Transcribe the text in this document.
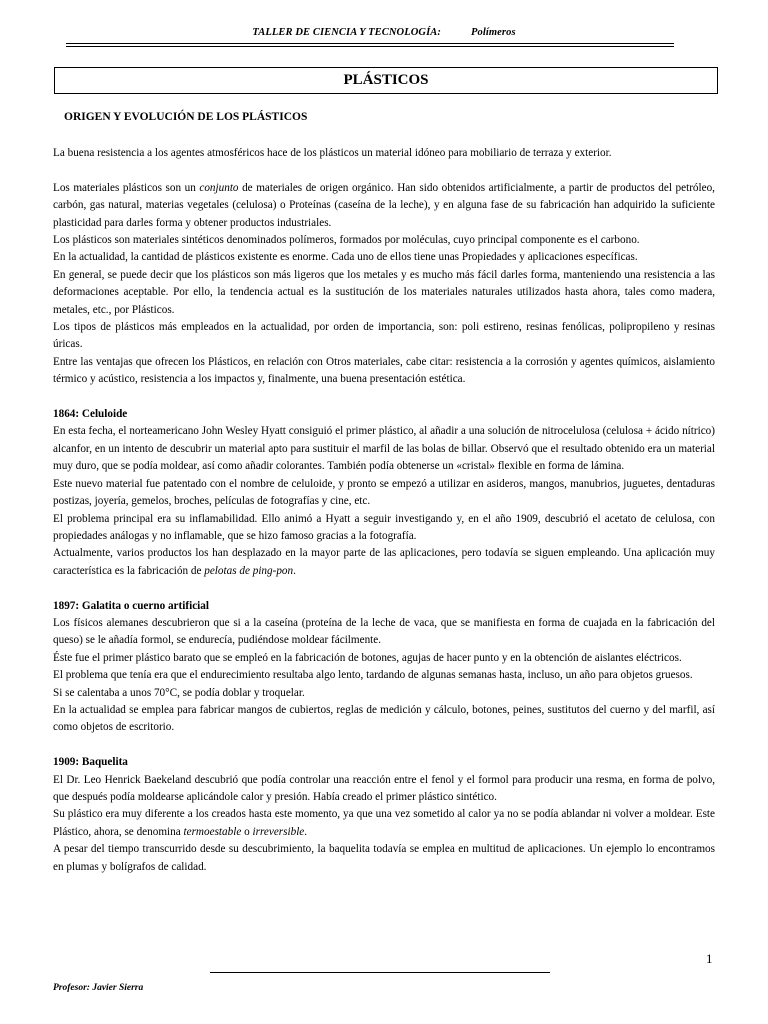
TALLER DE CIENCIA Y TECNOLOGÍA:	Polímeros
PLÁSTICOS
ORIGEN Y EVOLUCIÓN DE LOS PLÁSTICOS

La buena resistencia a los agentes atmosféricos hace de los plásticos un material idóneo para mobiliario de terraza y exterior.

Los materiales plásticos son un conjunto de materiales de origen orgánico. Han sido obtenidos artificialmente, a partir de productos del petróleo, carbón, gas natural, materias vegetales (celulosa) o Proteínas (caseína de la leche), y en alguna fase de su fabricación han adquirido la suficiente plasticidad para darles forma y obtener productos industriales.

Los plásticos son materiales sintéticos denominados polímeros, formados por moléculas, cuyo principal componente es el carbono.

En la actualidad, la cantidad de plásticos existente es enorme. Cada uno de ellos tiene unas Propiedades y aplicaciones específicas.

En general, se puede decir que los plásticos son más ligeros que los metales y es mucho más fácil darles forma, manteniendo una resistencia a las deformaciones aceptable. Por ello, la tendencia actual es la sustitución de los materiales naturales utilizados hasta ahora, tales como madera, metales, etc., por Plásticos.

Los tipos de plásticos más empleados en la actualidad, por orden de importancia, son: poli estireno, resinas fenólicas, polipropileno y resinas úricas.

Entre las ventajas que ofrecen los Plásticos, en relación con Otros materiales, cabe citar: resistencia a la corrosión y agentes químicos, aislamiento térmico y acústico, resistencia a los impactos y, finalmente, una buena presentación estética.

1864: Celuloide

En esta fecha, el norteamericano John Wesley Hyatt consiguió el primer plástico, al añadir a una solución de nitrocelulosa (celulosa + ácido nítrico) alcanfor, en un intento de descubrir un material apto para sustituir el marfil de las bolas de billar. Observó que el resultado obtenido era un material muy duro, que se podía moldear, así como añadir colorantes. También podía obtenerse un «cristal» flexible en forma de lámina.

Este nuevo material fue patentado con el nombre de celuloide, y pronto se empezó a utilizar en asideros, mangos, manubrios, juguetes, dentaduras postizas, joyería, gemelos, broches, películas de fotografías y cine, etc.

El problema principal era su inflamabilidad. Ello animó a Hyatt a seguir investigando y, en el año 1909, descubrió el acetato de celulosa, con propiedades análogas y no inflamable, que se hizo famoso gracias a la fotografía.

Actualmente, varios productos los han desplazado en la mayor parte de las aplicaciones, pero todavía se siguen empleando. Una aplicación muy característica es la fabricación de pelotas de ping-pon.

1897: Galatita o cuerno artificial

Los físicos alemanes descubrieron que si a la caseína (proteína de la leche de vaca, que se manifiesta en forma de cuajada en la fabricación del queso) se le añadía formol, se endurecía, pudiéndose moldear fácilmente.

Éste fue el primer plástico barato que se empleó en la fabricación de botones, agujas de hacer punto y en la obtención de aislantes eléctricos.

El problema que tenía era que el endurecimiento resultaba algo lento, tardando de algunas semanas hasta, incluso, un año para objetos gruesos.

Si se calentaba a unos 70°C, se podía doblar y troquelar.

En la actualidad se emplea para fabricar mangos de cubiertos, reglas de medición y cálculo, botones, peines, sustitutos del cuerno y del marfil, así como objetos de escritorio.

1909: Baquelita

El Dr. Leo Henrick Baekeland descubrió que podía controlar una reacción entre el fenol y el formol para producir una resma, en forma de polvo, que después podía moldearse aplicándole calor y presión. Había creado el primer plástico sintético.

Su plástico era muy diferente a los creados hasta este momento, ya que una vez sometido al calor ya no se podía ablandar ni volver a moldear. Este Plástico, ahora, se denomina termoestable o irreversible.

A pesar del tiempo transcurrido desde su descubrimiento, la baquelita todavía se emplea en multitud de aplicaciones. Un ejemplo lo encontramos en plumas y bolígrafos de calidad.

1
Profesor: Javier Sierra
